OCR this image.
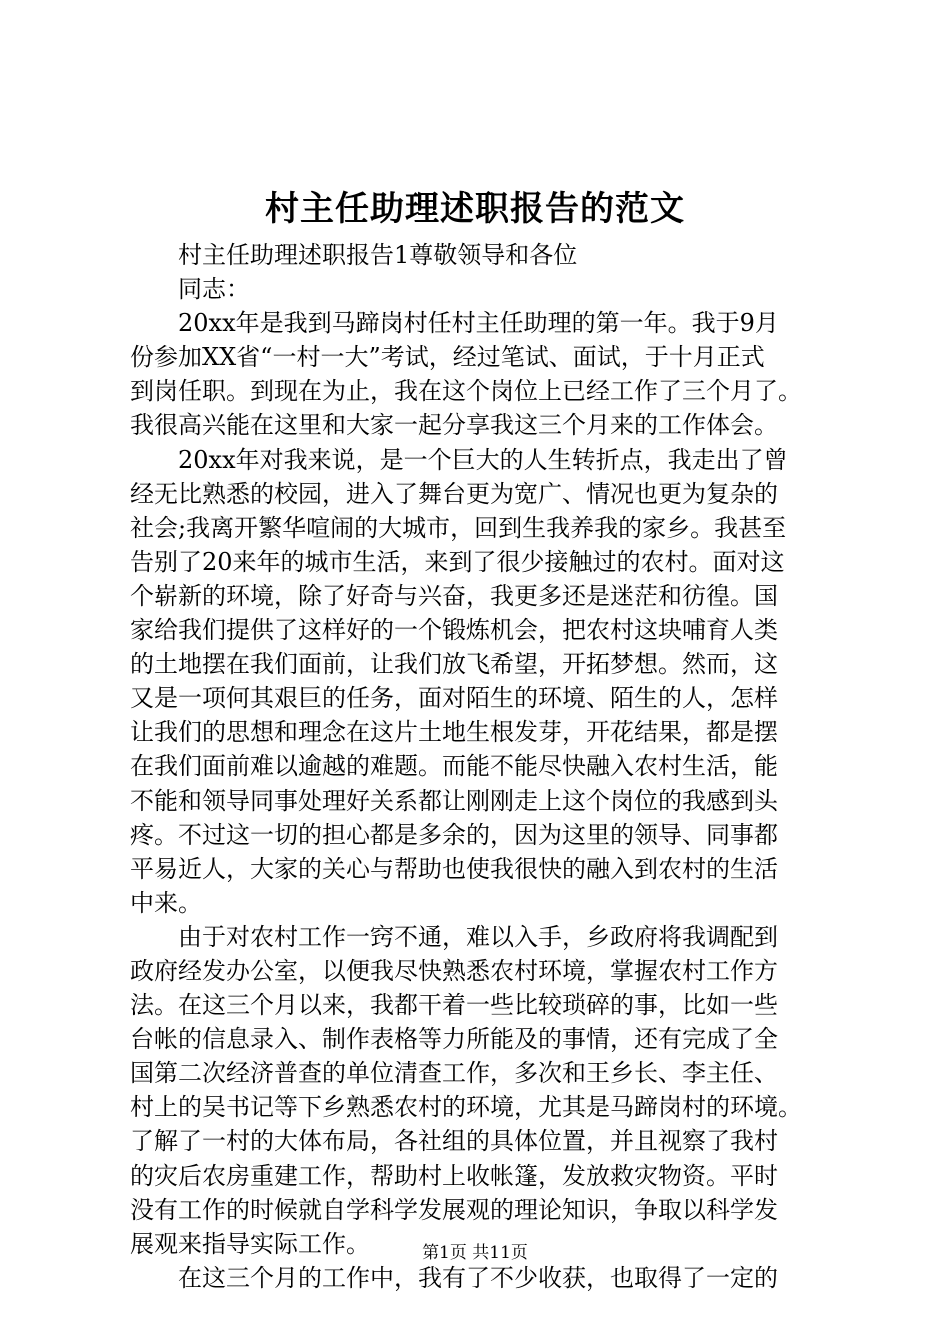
村主任助理述职报告的范文
村主任助理述职报告1尊敬领导和各位
同志：
20xx年是我到马蹄岗村任村主任助理的第一年。我于9月
份参加XX省“一村一大”考试，经过笔试、面试，于十月正式
到岗任职。到现在为止，我在这个岗位上已经工作了三个月了。
我很高兴能在这里和大家一起分享我这三个月来的工作体会。
20xx年对我来说，是一个巨大的人生转折点，我走出了曾
经无比熟悉的校园，进入了舞台更为宽广、情况也更为复杂的
社会;我离开繁华喧闹的大城市，回到生我养我的家乡。我甚至
告别了20来年的城市生活，来到了很少接触过的农村。面对这
个崭新的环境，除了好奇与兴奋，我更多还是迷茫和彷徨。国
家给我们提供了这样好的一个锻炼机会，把农村这块哺育人类
的土地摆在我们面前，让我们放飞希望，开拓梦想。然而，这
又是一项何其艰巨的任务，面对陌生的环境、陌生的人，怎样
让我们的思想和理念在这片土地生根发芽，开花结果，都是摆
在我们面前难以逾越的难题。而能不能尽快融入农村生活，能
不能和领导同事处理好关系都让刚刚走上这个岗位的我感到头
疼。不过这一切的担心都是多余的，因为这里的领导、同事都
平易近人，大家的关心与帮助也使我很快的融入到农村的生活
中来。
由于对农村工作一窍不通，难以入手，乡政府将我调配到
政府经发办公室，以便我尽快熟悉农村环境，掌握农村工作方
法。在这三个月以来，我都干着一些比较琐碎的事，比如一些
台帐的信息录入、制作表格等力所能及的事情，还有完成了全
国第二次经济普查的单位清查工作，多次和王乡长、李主任、
村上的吴书记等下乡熟悉农村的环境，尤其是马蹄岗村的环境。
了解了一村的大体布局，各社组的具体位置，并且视察了我村
的灾后农房重建工作，帮助村上收帐篷，发放救灾物资。平时
没有工作的时候就自学科学发展观的理论知识，争取以科学发
展观来指导实际工作。
在这三个月的工作中，我有了不少收获，也取得了一定的
第1页 共11页
